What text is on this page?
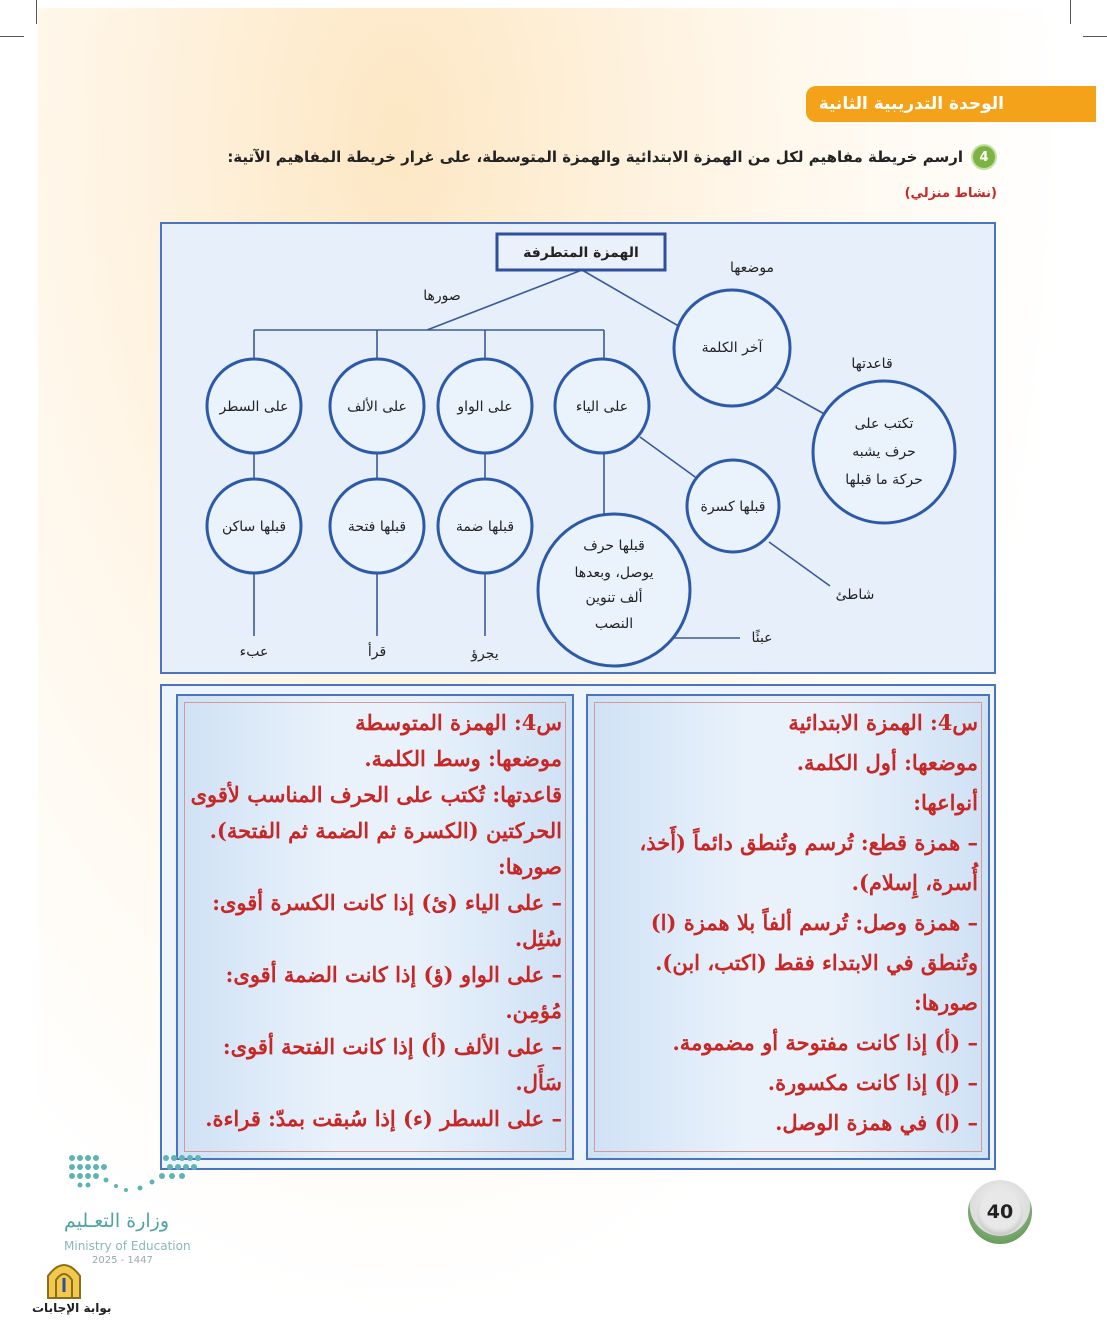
الوحدة التدريبية الثانية
4
ارسم خريطة مفاهيم لكل من الهمزة الابتدائية والهمزة المتوسطة، على غرار خريطة المفاهيم الآتية:
(نشاط منزلي)
الهمزة المتطرفة
موضعها
صورها
قاعدتها
آخر الكلمة
تكتب على
حرف يشبه
حركة ما قبلها
على السطر	على الألف	على الواو	على الياء
قبلها ساكن	قبلها فتحة	قبلها ضمة
قبلها كسرة
قبلها حرف
يوصل، وبعدها
ألف تنوين
النصب
عبء	قرأ	يجرؤ
شاطئ
عبئًا
س4: الهمزة الابتدائية
موضعها: أول الكلمة.
أنواعها:
– همزة قطع: تُرسم وتُنطق دائماً (أَخذ،
أُسرة، إِسلام).
– همزة وصل: تُرسم ألفاً بلا همزة (ا)
وتُنطق في الابتداء فقط (اكتب، ابن).
صورها:
– (أ) إذا كانت مفتوحة أو مضمومة.
– (إ) إذا كانت مكسورة.
– (ا) في همزة الوصل.
س4: الهمزة المتوسطة
موضعها: وسط الكلمة.
قاعدتها: تُكتب على الحرف المناسب لأقوى
الحركتين (الكسرة ثم الضمة ثم الفتحة).
صورها:
– على الياء (ئ) إذا كانت الكسرة أقوى:
سُئِل.
– على الواو (ؤ) إذا كانت الضمة أقوى:
مُؤمِن.
– على الألف (أ) إذا كانت الفتحة أقوى:
سَأَل.
– على السطر (ء) إذا سُبقت بمدّ: قراءة.
وزارة التعـليم
Ministry of Education
2025 - 1447
بوابة الإجابات
40
